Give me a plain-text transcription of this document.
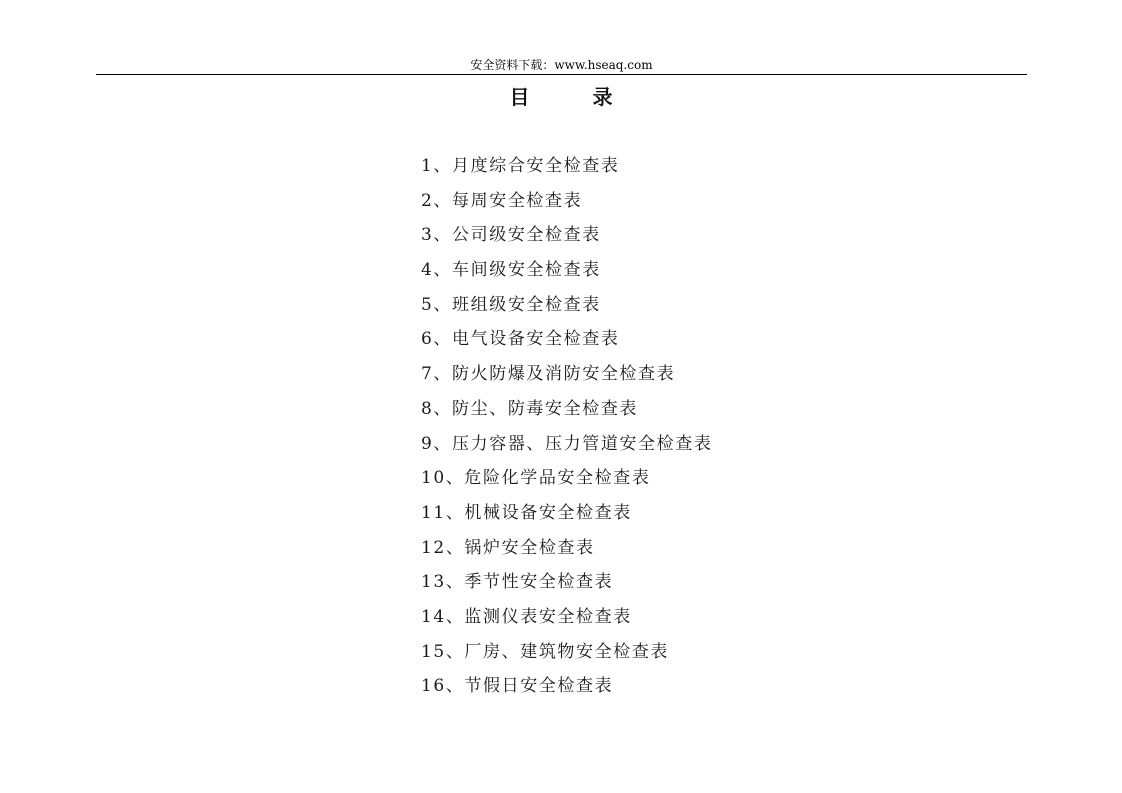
安全资料下载：www.hseaq.com
目 录
1、月度综合安全检查表
2、每周安全检查表
3、公司级安全检查表
4、车间级安全检查表
5、班组级安全检查表
6、电气设备安全检查表
7、防火防爆及消防安全检查表
8、防尘、防毒安全检查表
9、压力容器、压力管道安全检查表
10、危险化学品安全检查表
11、机械设备安全检查表
12、锅炉安全检查表
13、季节性安全检查表
14、监测仪表安全检查表
15、厂房、建筑物安全检查表
16、节假日安全检查表
